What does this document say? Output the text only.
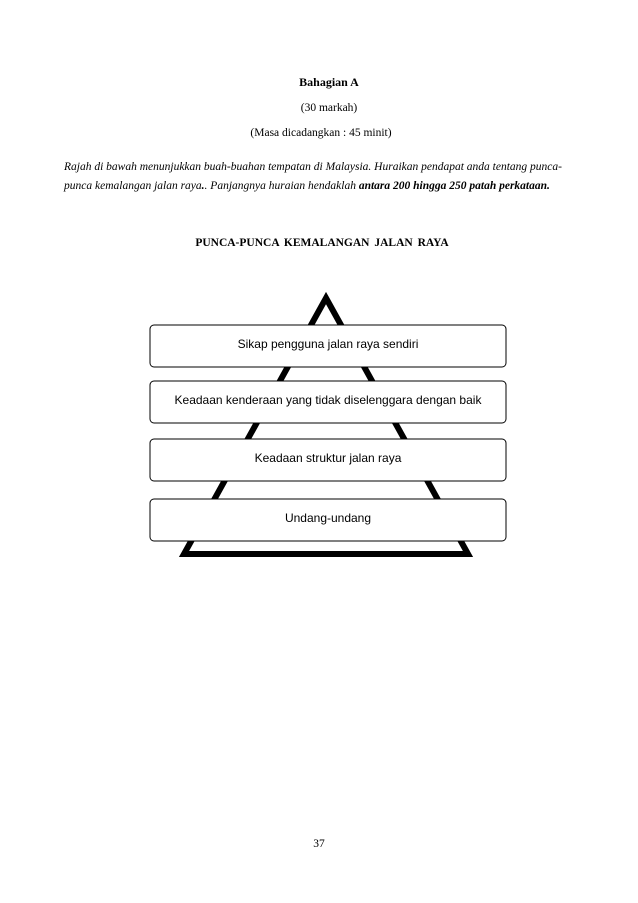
Bahagian A
(30 markah)
(Masa dicadangkan : 45 minit)
Rajah di bawah menunjukkan buah-buahan tempatan di Malaysia. Huraikan pendapat anda tentang punca-punca kemalangan jalan raya.. Panjangnya huraian hendaklah antara 200 hingga 250 patah perkataan.
PUNCA-PUNCA KEMALANGAN JALAN RAYA
Sikap pengguna jalan raya sendiri
Keadaan kenderaan yang tidak diselenggara dengan baik
Keadaan struktur jalan raya
Undang-undang
37
